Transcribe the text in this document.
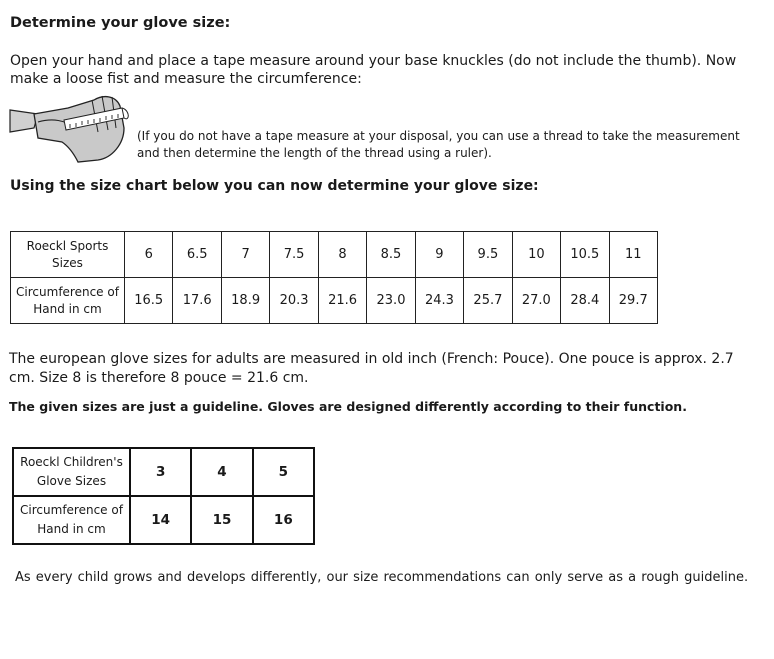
Determine your glove size:
Open your hand and place a tape measure around your base knuckles (do not include the thumb). Now make a loose fist and measure the circumference:
(If you do not have a tape measure at your disposal, you can use a thread to take the measurement and then determine the length of the thread using a ruler).
Using the size chart below you can now determine your glove size:
Roeckl Sports Sizes	6	6.5	7	7.5	8	8.5	9	9.5	10	10.5	11
Circumference of Hand in cm	16.5	17.6	18.9	20.3	21.6	23.0	24.3	25.7	27.0	28.4	29.7
The european glove sizes for adults are measured in old inch (French: Pouce). One pouce is approx. 2.7 cm. Size 8 is therefore 8 pouce = 21.6 cm.
The given sizes are just a guideline. Gloves are designed differently according to their function.
Roeckl Children's Glove Sizes	3	4	5
Circumference of Hand in cm	14	15	16
As every child grows and develops differently, our size recommendations can only serve as a rough guideline.
